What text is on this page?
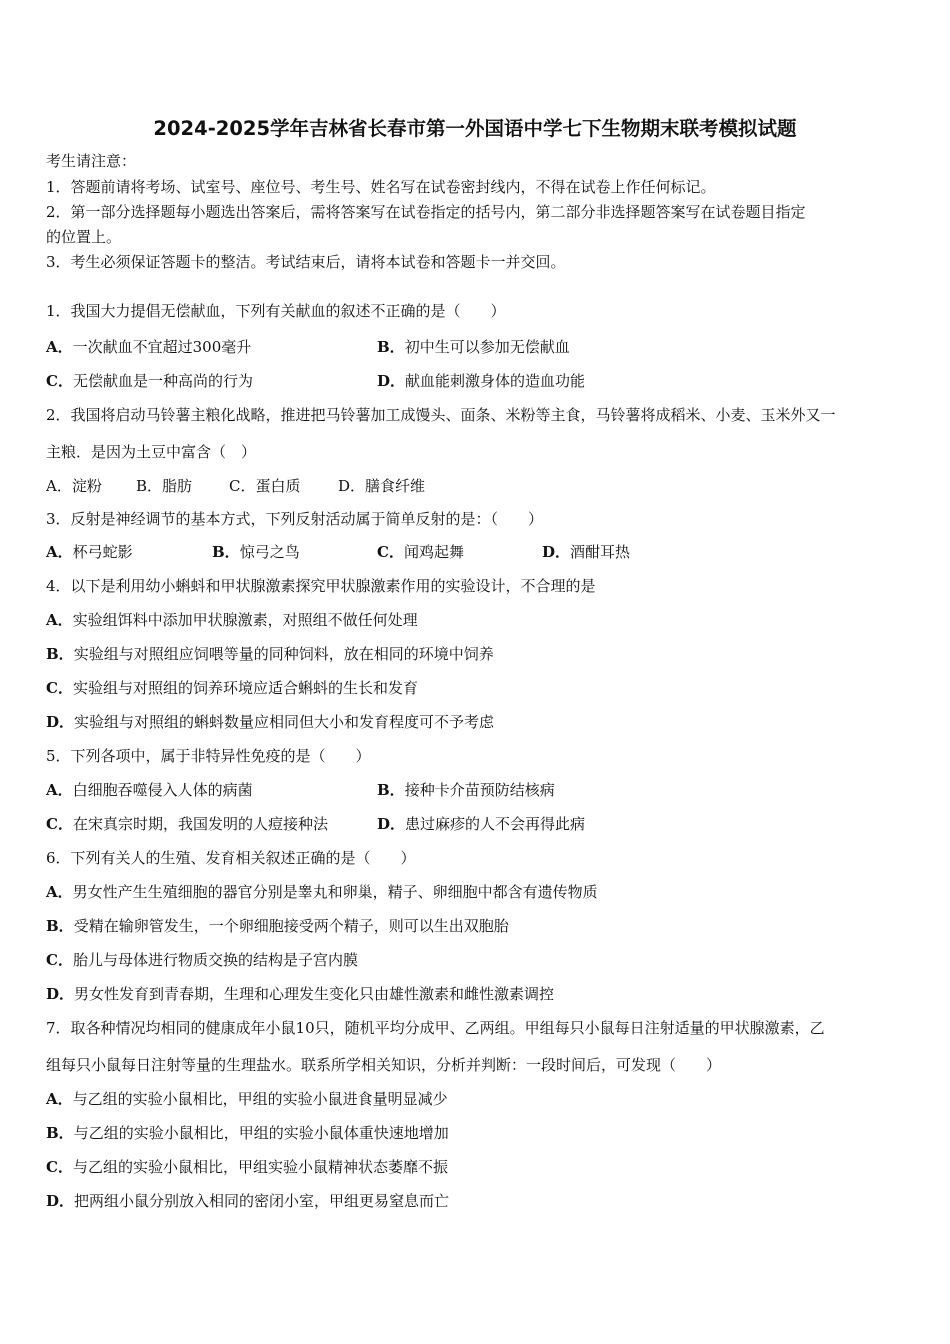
2024-2025学年吉林省长春市第一外国语中学七下生物期末联考模拟试题
考生请注意：
1．答题前请将考场、试室号、座位号、考生号、姓名写在试卷密封线内，不得在试卷上作任何标记。
2．第一部分选择题每小题选出答案后，需将答案写在试卷指定的括号内，第二部分非选择题答案写在试卷题目指定
的位置上。
3．考生必须保证答题卡的整洁。考试结束后，请将本试卷和答题卡一并交回。
1．我国大力提倡无偿献血，下列有关献血的叙述不正确的是（　　）
A．一次献血不宜超过300毫升	B．初中生可以参加无偿献血
C．无偿献血是一种高尚的行为	D．献血能刺激身体的造血功能
2．我国将启动马铃薯主粮化战略，推进把马铃薯加工成馒头、面条、米粉等主食，马铃薯将成稻米、小麦、玉米外又一
主粮．是因为土豆中富含（　）
A．淀粉 B．脂肪 C．蛋白质	D．膳食纤维
3．反射是神经调节的基本方式，下列反射活动属于简单反射的是：（　　）
A．杯弓蛇影	B．惊弓之鸟	C．闻鸡起舞	D．酒酣耳热
4．以下是利用幼小蝌蚪和甲状腺激素探究甲状腺激素作用的实验设计，不合理的是
A．实验组饵料中添加甲状腺激素，对照组不做任何处理
B．实验组与对照组应饲喂等量的同种饲料，放在相同的环境中饲养
C．实验组与对照组的饲养环境应适合蝌蚪的生长和发育
D．实验组与对照组的蝌蚪数量应相同但大小和发育程度可不予考虑
5．下列各项中，属于非特异性免疫的是（　　）
A．白细胞吞噬侵入人体的病菌	B．接种卡介苗预防结核病
C．在宋真宗时期，我国发明的人痘接种法	D．患过麻疹的人不会再得此病
6．下列有关人的生殖、发育相关叙述正确的是（　　）
A．男女性产生生殖细胞的器官分别是睾丸和卵巢，精子、卵细胞中都含有遗传物质
B．受精在输卵管发生，一个卵细胞接受两个精子，则可以生出双胞胎
C．胎儿与母体进行物质交换的结构是子宫内膜
D．男女性发育到青春期，生理和心理发生变化只由雄性激素和雌性激素调控
7．取各种情况均相同的健康成年小鼠10只，随机平均分成甲、乙两组。甲组每只小鼠每日注射适量的甲状腺激素，乙
组每只小鼠每日注射等量的生理盐水。联系所学相关知识，分析并判断：一段时间后，可发现（　　）
A．与乙组的实验小鼠相比，甲组的实验小鼠进食量明显减少
B．与乙组的实验小鼠相比，甲组的实验小鼠体重快速地增加
C．与乙组的实验小鼠相比，甲组实验小鼠精神状态萎靡不振
D．把两组小鼠分别放入相同的密闭小室，甲组更易窒息而亡
